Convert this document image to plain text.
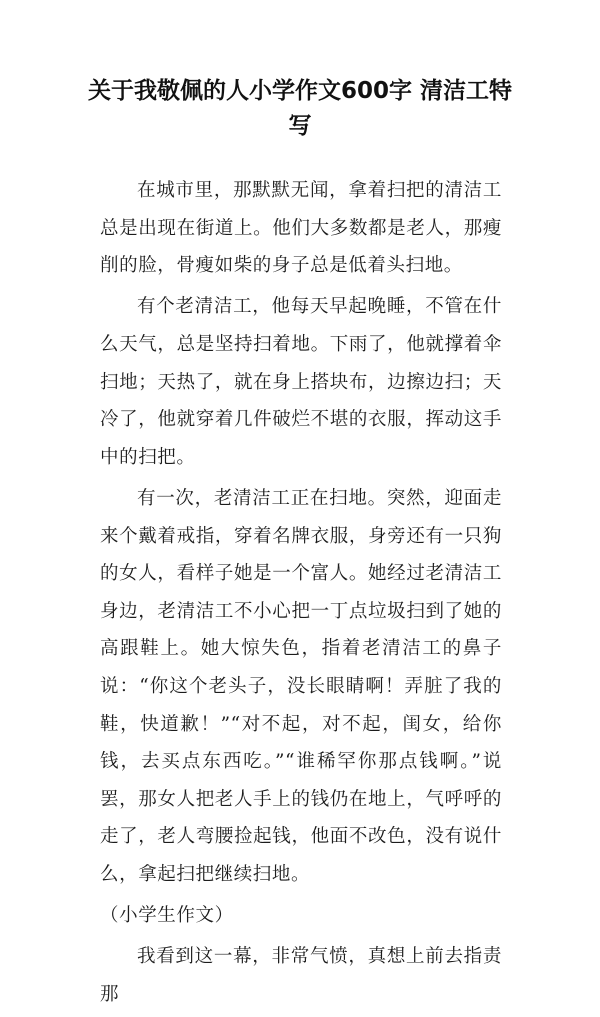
关于我敬佩的人小学作文600字 清洁工特写

在城市里，那默默无闻，拿着扫把的清洁工总是出现在街道上。他们大多数都是老人，那瘦削的脸，骨瘦如柴的身子总是低着头扫地。

有个老清洁工，他每天早起晚睡，不管在什么天气，总是坚持扫着地。下雨了，他就撑着伞扫地；天热了，就在身上搭块布，边擦边扫；天冷了，他就穿着几件破烂不堪的衣服，挥动这手中的扫把。

有一次，老清洁工正在扫地。突然，迎面走来个戴着戒指，穿着名牌衣服，身旁还有一只狗的女人，看样子她是一个富人。她经过老清洁工身边，老清洁工不小心把一丁点垃圾扫到了她的高跟鞋上。她大惊失色，指着老清洁工的鼻子说：“你这个老头子，没长眼睛啊！弄脏了我的鞋，快道歉！”“对不起，对不起，闺女，给你钱，去买点东西吃。”“谁稀罕你那点钱啊。”说罢，那女人把老人手上的钱仍在地上，气呼呼的走了，老人弯腰捡起钱，他面不改色，没有说什么，拿起扫把继续扫地。

（小学生作文）

我看到这一幕，非常气愤，真想上前去指责那
